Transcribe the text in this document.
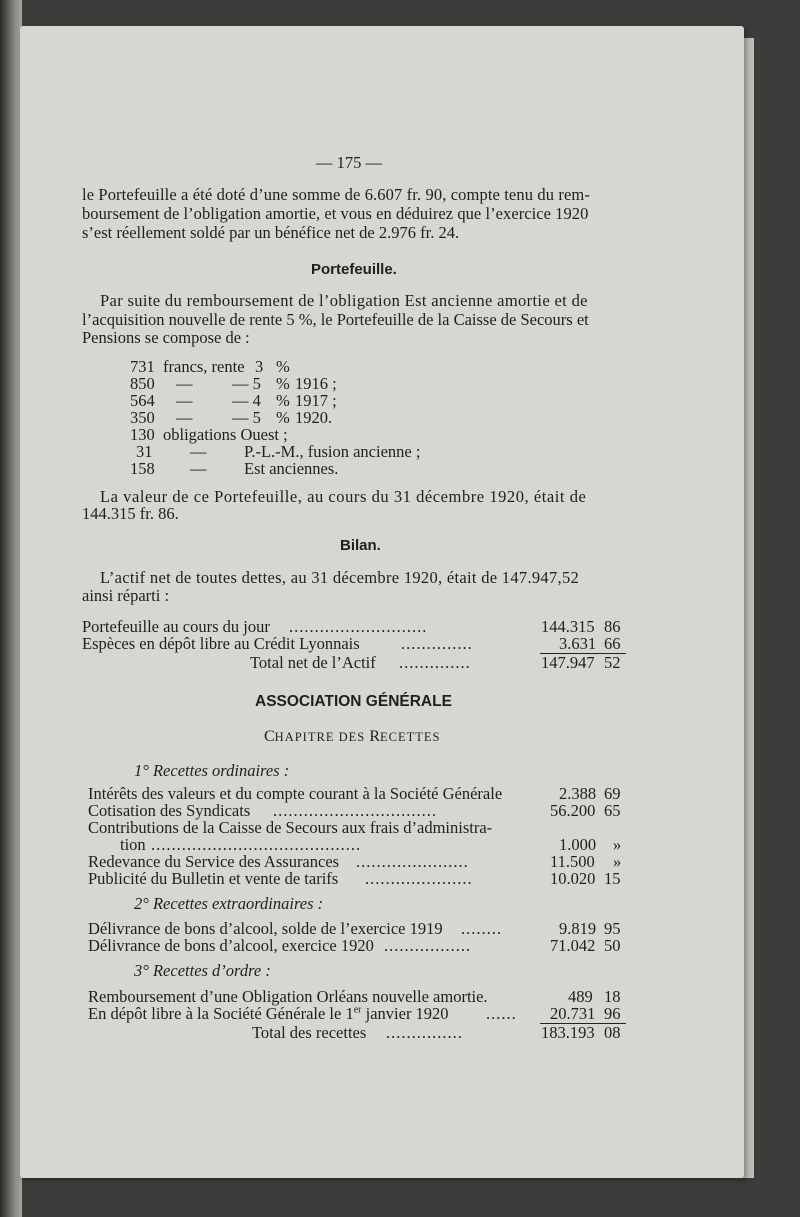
— 175 —
le Portefeuille a été doté d’une somme de 6.607 fr. 90, compte tenu du rem-
boursement de l’obligation amortie, et vous en déduirez que l’exercice 1920
s’est réellement soldé par un bénéfice net de 2.976 fr. 24.
Portefeuille.
Par suite du remboursement de l’obligation Est ancienne amortie et de
l’acquisition nouvelle de rente 5 %, le Portefeuille de la Caisse de Secours et
Pensions se compose de :
731 francs, rente 3 %
850 — — 5 % 1916 ;
564 — — 4 % 1917 ;
350 — — 5 % 1920.
130 obligations Ouest ;
31 — P.-L.-M., fusion ancienne ;
158 — Est anciennes.
La valeur de ce Portefeuille, au cours du 31 décembre 1920, était de
144.315 fr. 86.
Bilan.
L’actif net de toutes dettes, au 31 décembre 1920, était de 147.947,52
ainsi réparti :
Portefeuille au cours du jour ...........................	144.315 86
Espèces en dépôt libre au Crédit Lyonnais	..............	3.631 66
Total net de l’Actif ..............	147.947 52
ASSOCIATION GÉNÉRALE
CHAPITRE DES RECETTES
1° Recettes ordinaires :
Intérêts des valeurs et du compte courant à la Société Générale	2.388 69
Cotisation des Syndicats ................................	56.200 65
Contributions de la Caisse de Secours aux frais d’administra-
tion .........................................	1.000 »
Redevance du Service des Assurances ......................	11.500 »
Publicité du Bulletin et vente de tarifs .....................	10.020 15
2° Recettes extraordinaires :
Délivrance de bons d’alcool, solde de l’exercice 1919 ........	9.819 95
Délivrance de bons d’alcool, exercice 1920 .................	71.042 50
3° Recettes d’ordre :
Remboursement d’une Obligation Orléans nouvelle amortie.	489 18
En dépôt libre à la Société Générale le 1er janvier 1920 ...... 20.731 96
Total des recettes ...............	183.193 08
